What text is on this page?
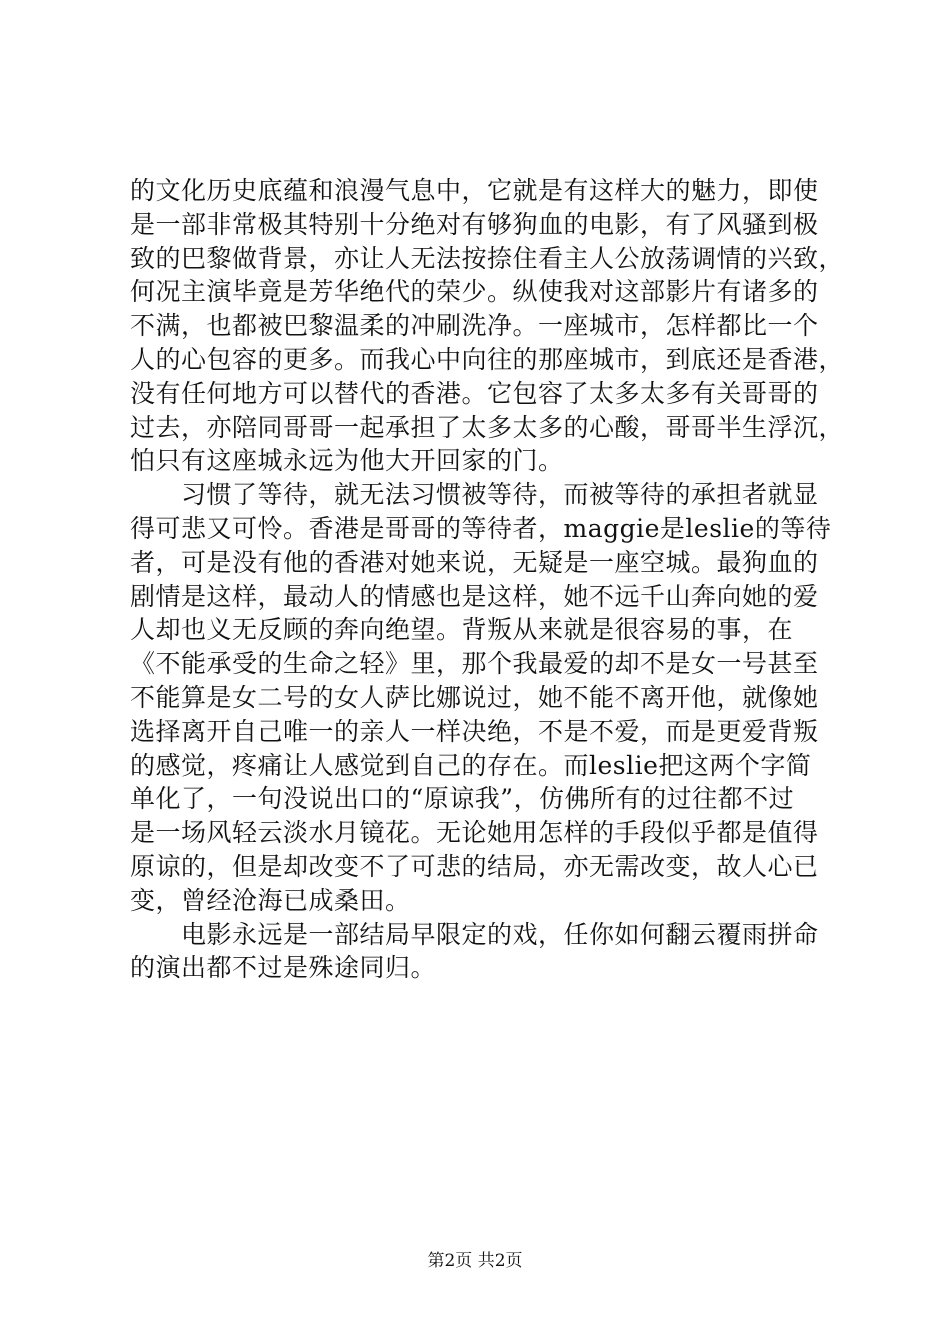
的文化历史底蕴和浪漫气息中，它就是有这样大的魅力，即使
是一部非常极其特别十分绝对有够狗血的电影，有了风骚到极
致的巴黎做背景，亦让人无法按捺住看主人公放荡调情的兴致，
何况主演毕竟是芳华绝代的荣少。纵使我对这部影片有诸多的
不满，也都被巴黎温柔的冲刷洗净。一座城市，怎样都比一个
人的心包容的更多。而我心中向往的那座城市，到底还是香港，
没有任何地方可以替代的香港。它包容了太多太多有关哥哥的
过去，亦陪同哥哥一起承担了太多太多的心酸，哥哥半生浮沉，
怕只有这座城永远为他大开回家的门。
　　习惯了等待，就无法习惯被等待，而被等待的承担者就显
得可悲又可怜。香港是哥哥的等待者，maggie是leslie的等待
者，可是没有他的香港对她来说，无疑是一座空城。最狗血的
剧情是这样，最动人的情感也是这样，她不远千山奔向她的爱
人却也义无反顾的奔向绝望。背叛从来就是很容易的事，在
《不能承受的生命之轻》里，那个我最爱的却不是女一号甚至
不能算是女二号的女人萨比娜说过，她不能不离开他，就像她
选择离开自己唯一的亲人一样决绝，不是不爱，而是更爱背叛
的感觉，疼痛让人感觉到自己的存在。而leslie把这两个字简
单化了，一句没说出口的“原谅我”，仿佛所有的过往都不过
是一场风轻云淡水月镜花。无论她用怎样的手段似乎都是值得
原谅的，但是却改变不了可悲的结局，亦无需改变，故人心已
变，曾经沧海已成桑田。
　　电影永远是一部结局早限定的戏，任你如何翻云覆雨拼命
的演出都不过是殊途同归。
第2页 共2页
